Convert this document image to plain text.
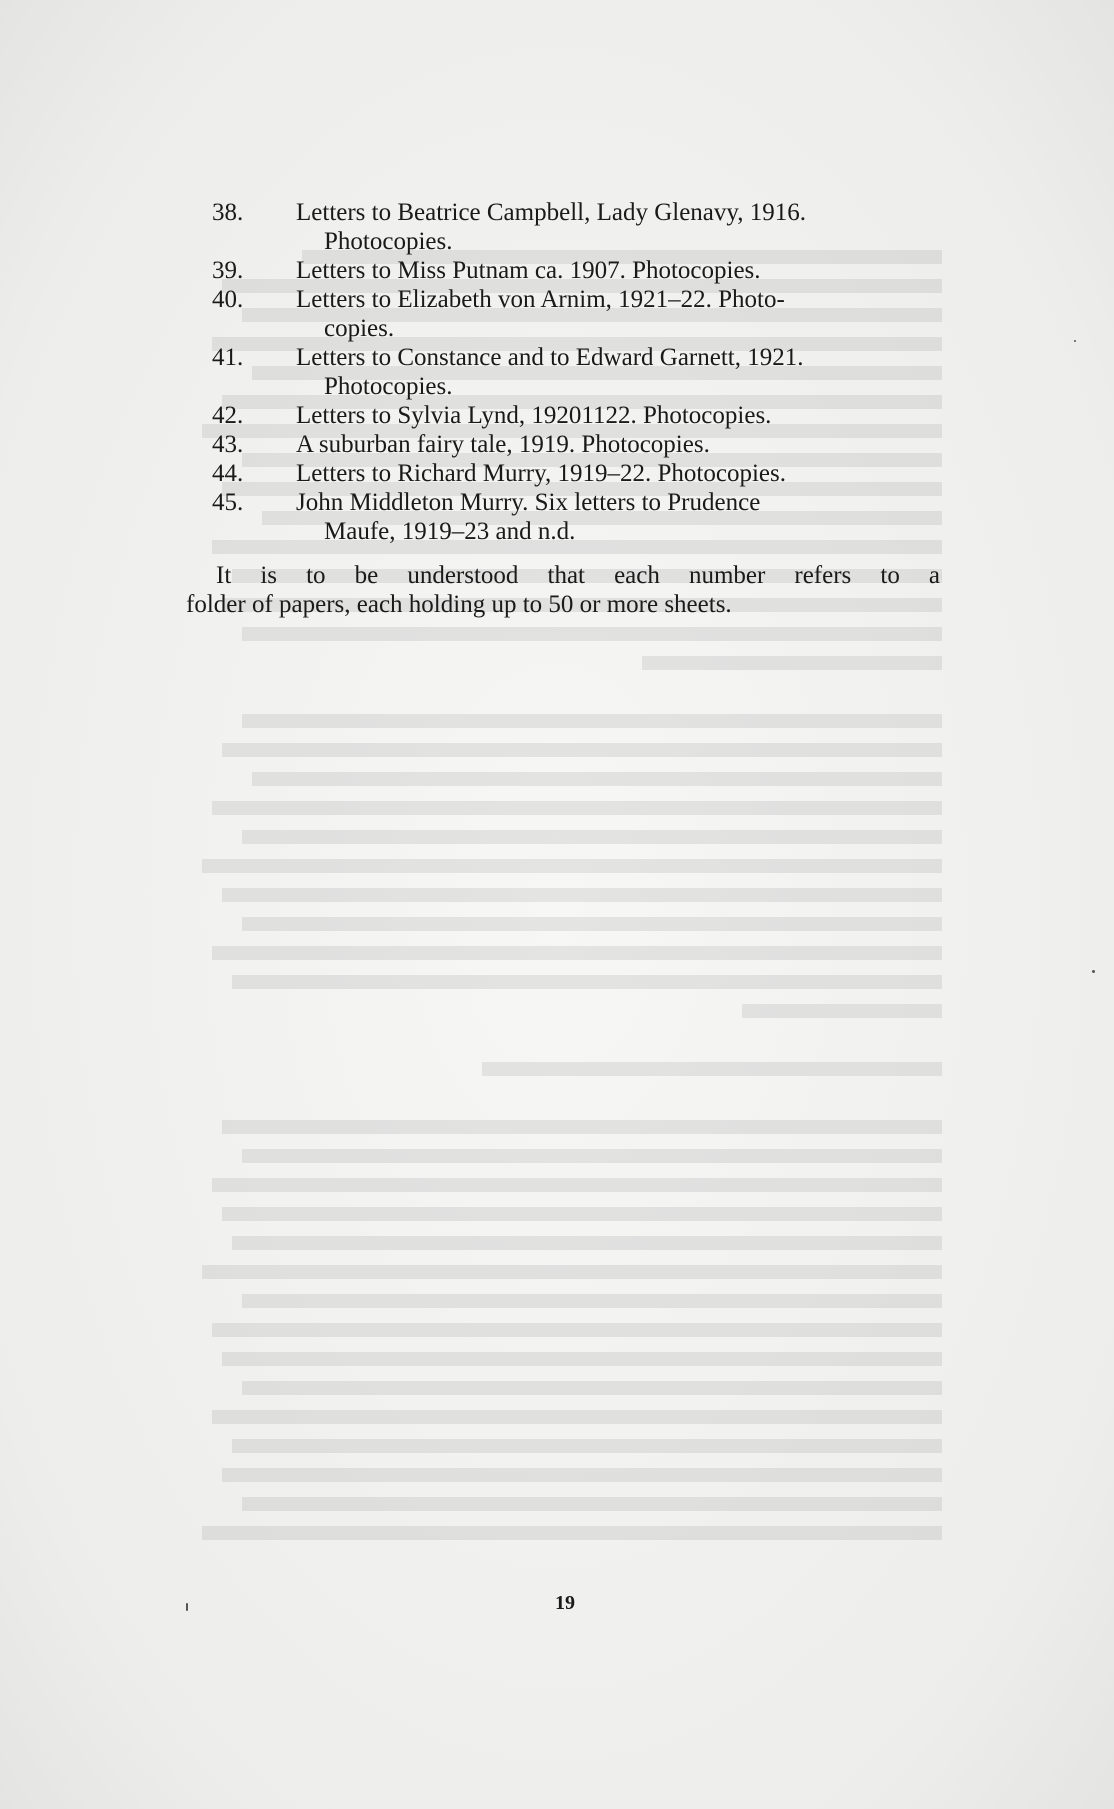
38. Letters to Beatrice Campbell, Lady Glenavy, 1916.
Photocopies.
39. Letters to Miss Putnam ca. 1907. Photocopies.
40. Letters to Elizabeth von Arnim, 1921–22. Photo-
copies.
41. Letters to Constance and to Edward Garnett, 1921.
Photocopies.
42. Letters to Sylvia Lynd, 19201122. Photocopies.
43. A suburban fairy tale, 1919. Photocopies.
44. Letters to Richard Murry, 1919–22. Photocopies.
45. John Middleton Murry. Six letters to Prudence
Maufe, 1919–23 and n.d.
It is to be understood that each number refers to a
folder of papers, each holding up to 50 or more sheets.
19
